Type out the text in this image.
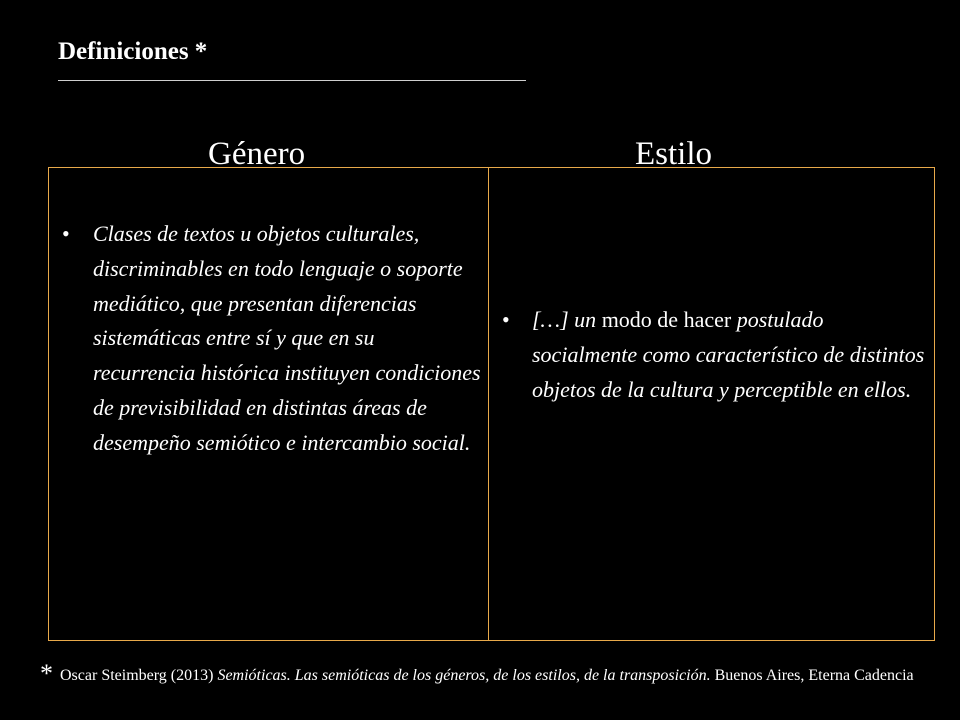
Definiciones *
Género	Estilo
• Clases de textos u objetos culturales, discriminables en todo lenguaje o soporte mediático, que presentan diferencias sistemáticas entre sí y que en su recurrencia histórica instituyen condiciones de previsibilidad en distintas áreas de desempeño semiótico e intercambio social.
• […] un modo de hacer postulado socialmente como característico de distintos objetos de la cultura y perceptible en ellos.
* Oscar Steimberg (2013) Semióticas. Las semióticas de los géneros, de los estilos, de la transposición. Buenos Aires, Eterna Cadencia
